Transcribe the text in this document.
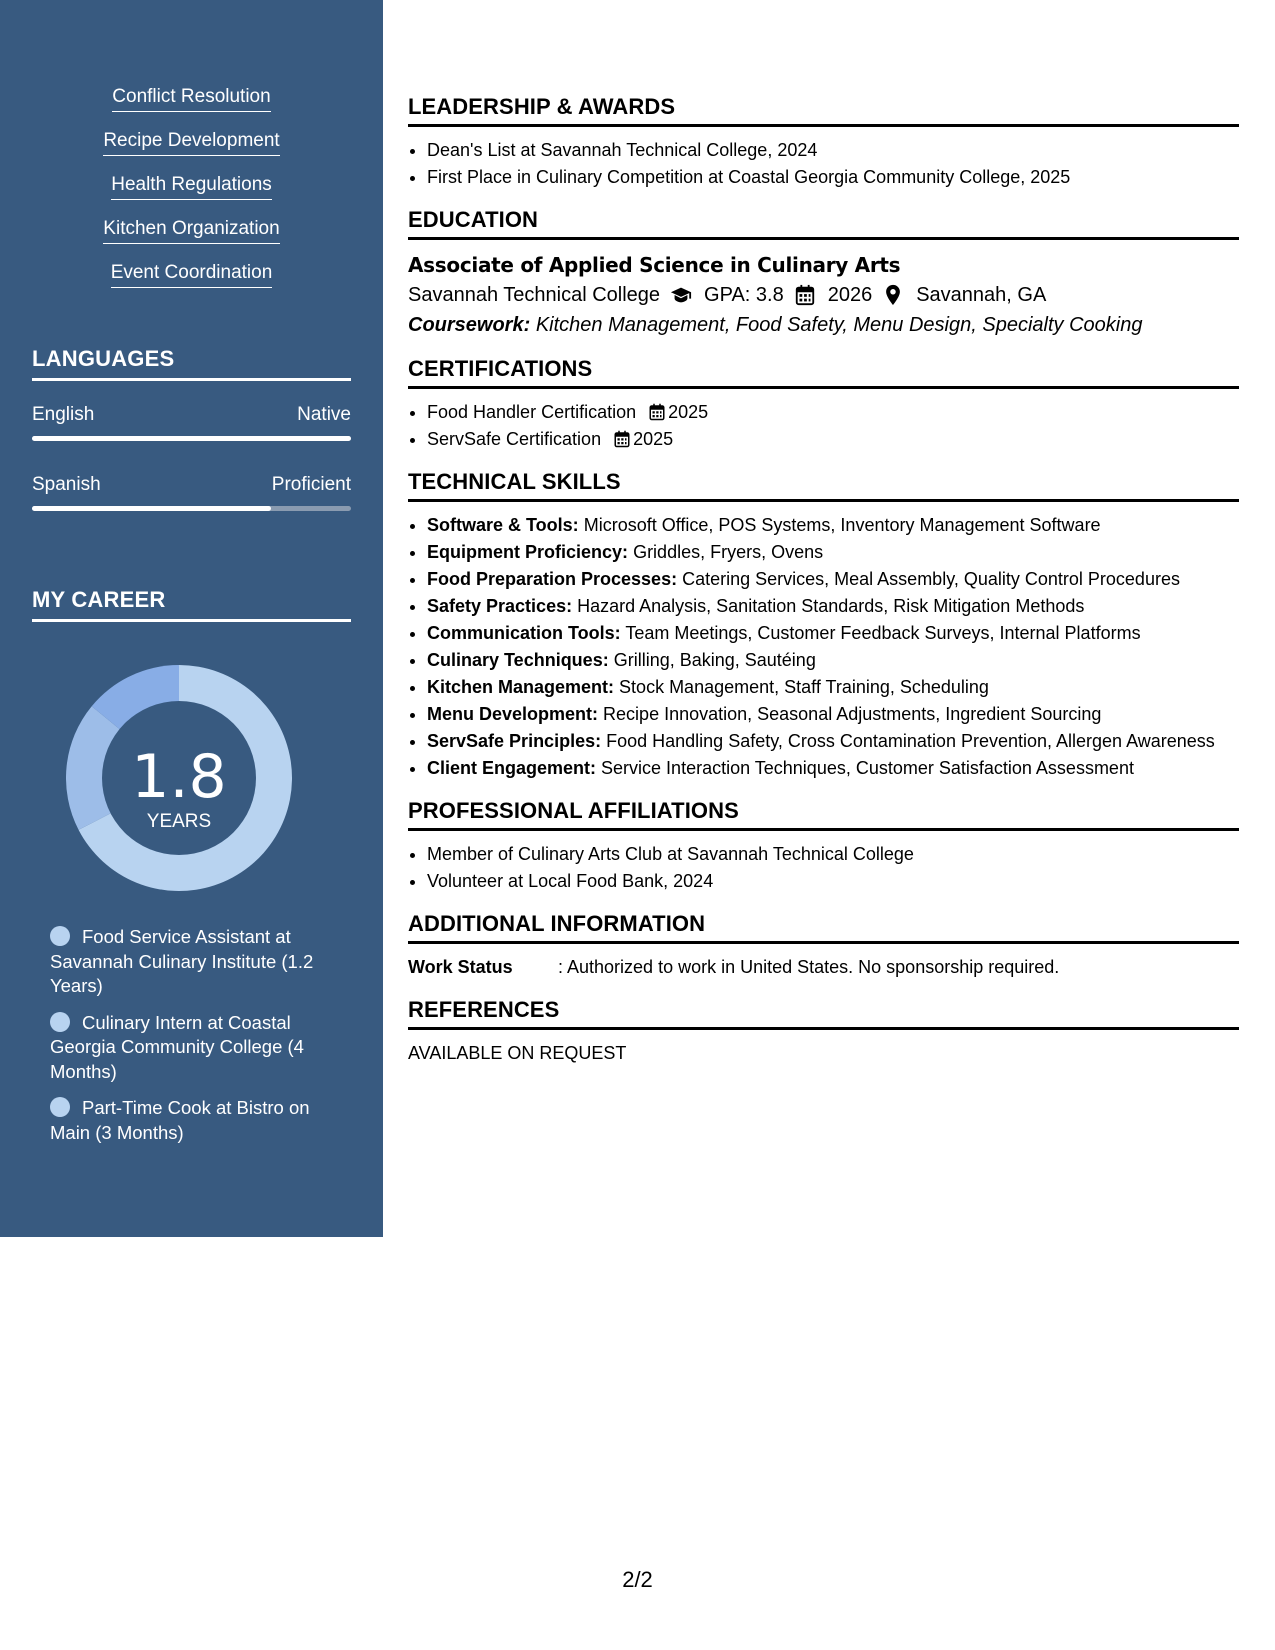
Conflict Resolution
Recipe Development
Health Regulations
Kitchen Organization
Event Coordination
LANGUAGES
English	Native
Spanish	Proficient
MY CAREER
1.8
YEARS
Food Service Assistant at Savannah Culinary Institute (1.2 Years)
Culinary Intern at Coastal Georgia Community College (4 Months)
Part-Time Cook at Bistro on Main (3 Months)
LEADERSHIP & AWARDS
• Dean's List at Savannah Technical College, 2024
• First Place in Culinary Competition at Coastal Georgia Community College, 2025
EDUCATION
Associate of Applied Science in Culinary Arts
Savannah Technical College GPA: 3.8 2026 Savannah, GA
Coursework: Kitchen Management, Food Safety, Menu Design, Specialty Cooking
CERTIFICATIONS
• Food Handler Certification 2025
• ServSafe Certification 2025
TECHNICAL SKILLS
• Software & Tools: Microsoft Office, POS Systems, Inventory Management Software
• Equipment Proficiency: Griddles, Fryers, Ovens
• Food Preparation Processes: Catering Services, Meal Assembly, Quality Control Procedures
• Safety Practices: Hazard Analysis, Sanitation Standards, Risk Mitigation Methods
• Communication Tools: Team Meetings, Customer Feedback Surveys, Internal Platforms
• Culinary Techniques: Grilling, Baking, Sautéing
• Kitchen Management: Stock Management, Staff Training, Scheduling
• Menu Development: Recipe Innovation, Seasonal Adjustments, Ingredient Sourcing
• ServSafe Principles: Food Handling Safety, Cross Contamination Prevention, Allergen Awareness
• Client Engagement: Service Interaction Techniques, Customer Satisfaction Assessment
PROFESSIONAL AFFILIATIONS
• Member of Culinary Arts Club at Savannah Technical College
• Volunteer at Local Food Bank, 2024
ADDITIONAL INFORMATION
Work Status	: Authorized to work in United States. No sponsorship required.
REFERENCES
AVAILABLE ON REQUEST
2/2
